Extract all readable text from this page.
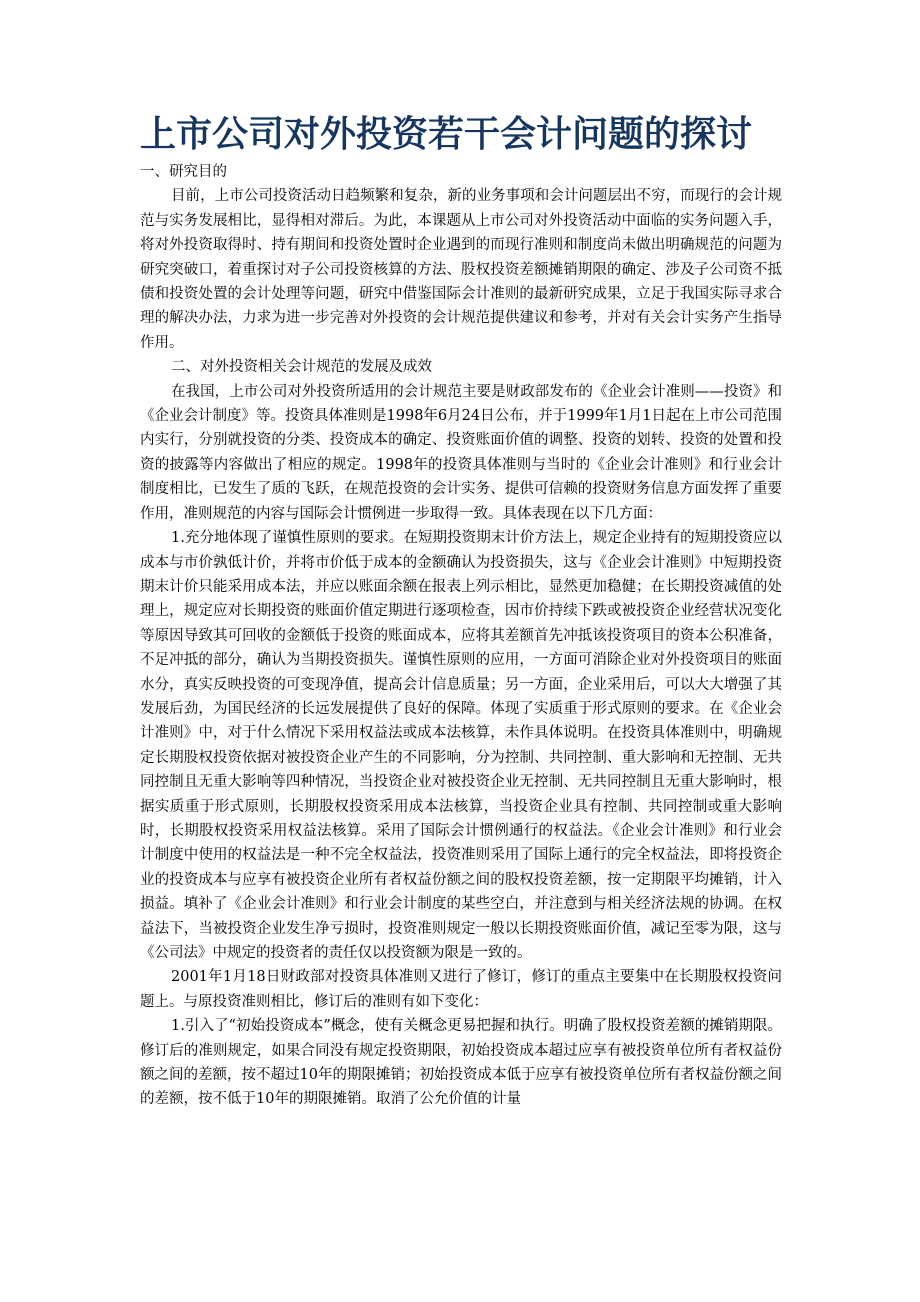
上市公司对外投资若干会计问题的探讨

一、研究目的

目前，上市公司投资活动日趋频繁和复杂，新的业务事项和会计问题层出不穷，而现行的会计规范与实务发展相比，显得相对滞后。为此，本课题从上市公司对外投资活动中面临的实务问题入手，将对外投资取得时、持有期间和投资处置时企业遇到的而现行准则和制度尚未做出明确规范的问题为研究突破口，着重探讨对子公司投资核算的方法、股权投资差额摊销期限的确定、涉及子公司资不抵债和投资处置的会计处理等问题，研究中借鉴国际会计准则的最新研究成果，立足于我国实际寻求合理的解决办法，力求为进一步完善对外投资的会计规范提供建议和参考，并对有关会计实务产生指导作用。

二、对外投资相关会计规范的发展及成效

在我国，上市公司对外投资所适用的会计规范主要是财政部发布的《企业会计准则——投资》和《企业会计制度》等。投资具体准则是1998年6月24日公布，并于1999年1月1日起在上市公司范围内实行，分别就投资的分类、投资成本的确定、投资账面价值的调整、投资的划转、投资的处置和投资的披露等内容做出了相应的规定。1998年的投资具体准则与当时的《企业会计准则》和行业会计制度相比，已发生了质的飞跃，在规范投资的会计实务、提供可信赖的投资财务信息方面发挥了重要作用，准则规范的内容与国际会计惯例进一步取得一致。具体表现在以下几方面：

1.充分地体现了谨慎性原则的要求。在短期投资期末计价方法上，规定企业持有的短期投资应以成本与市价孰低计价，并将市价低于成本的金额确认为投资损失，这与《企业会计准则》中短期投资期末计价只能采用成本法，并应以账面余额在报表上列示相比，显然更加稳健；在长期投资减值的处理上，规定应对长期投资的账面价值定期进行逐项检查，因市价持续下跌或被投资企业经营状况变化等原因导致其可回收的金额低于投资的账面成本，应将其差额首先冲抵该投资项目的资本公积准备，不足冲抵的部分，确认为当期投资损失。谨慎性原则的应用，一方面可消除企业对外投资项目的账面水分，真实反映投资的可变现净值，提高会计信息质量；另一方面，企业采用后，可以大大增强了其发展后劲，为国民经济的长远发展提供了良好的保障。体现了实质重于形式原则的要求。在《企业会计准则》中，对于什么情况下采用权益法或成本法核算，未作具体说明。在投资具体准则中，明确规定长期股权投资依据对被投资企业产生的不同影响，分为控制、共同控制、重大影响和无控制、无共同控制且无重大影响等四种情况，当投资企业对被投资企业无控制、无共同控制且无重大影响时，根据实质重于形式原则，长期股权投资采用成本法核算，当投资企业具有控制、共同控制或重大影响时，长期股权投资采用权益法核算。采用了国际会计惯例通行的权益法。《企业会计准则》和行业会计制度中使用的权益法是一种不完全权益法，投资准则采用了国际上通行的完全权益法，即将投资企业的投资成本与应享有被投资企业所有者权益份额之间的股权投资差额，按一定期限平均摊销，计入损益。填补了《企业会计准则》和行业会计制度的某些空白，并注意到与相关经济法规的协调。在权益法下，当被投资企业发生净亏损时，投资准则规定一般以长期投资账面价值，减记至零为限，这与《公司法》中规定的投资者的责任仅以投资额为限是一致的。

2001年1月18日财政部对投资具体准则又进行了修订，修订的重点主要集中在长期股权投资问题上。与原投资准则相比，修订后的准则有如下变化：

1.引入了“初始投资成本”概念，使有关概念更易把握和执行。明确了股权投资差额的摊销期限。修订后的准则规定，如果合同没有规定投资期限，初始投资成本超过应享有被投资单位所有者权益份额之间的差额，按不超过10年的期限摊销；初始投资成本低于应享有被投资单位所有者权益份额之间的差额，按不低于10年的期限摊销。取消了公允价值的计量
